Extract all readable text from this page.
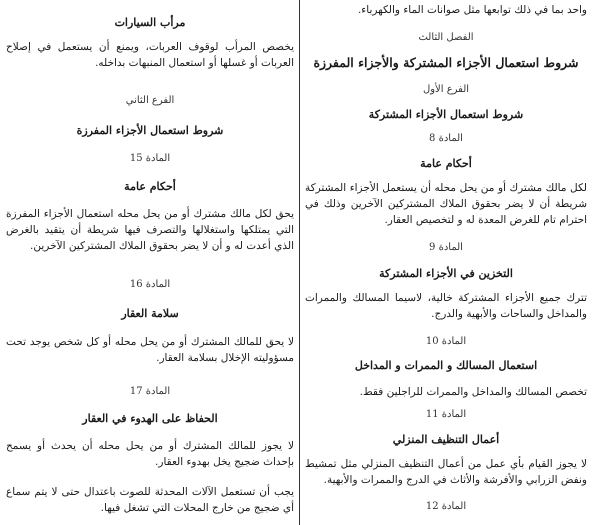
واحد بما في ذلك توابعها مثل صوانات الماء والكهرباء.
الفصل الثالث
شروط استعمال الأجزاء المشتركة والأجزاء المفرزة
الفرع الأول
شروط استعمال الأجزاء المشتركة
المادة 8
أحكام عامة
لكل مالك مشترك أو من يحل محله أن يستعمل الأجزاء المشتركة شريطة أن لا يضر بحقوق الملاك المشتركين الآخرين وذلك في احترام تام للغرض المعدة له و لتخصيص العقار.
المادة 9
التخزين في الأجزاء المشتركة
تترك جميع الأجزاء المشتركة خالية، لاسيما المسالك والممرات والمداخل والساحات والأبهية والدرج.
المادة 10
استعمال المسالك و الممرات و المداخل
تخصص المسالك والمداخل والممرات للراجلين فقط.
المادة 11
أعمال التنظيف المنزلي
لا يجوز القيام بأي عمل من أعمال التنظيف المنزلي مثل تمشيط ونفض الزرابي والأفرشة والأثاث في الدرج والممرات والأبهية.
المادة 12
مرأب السيارات
يخصص المرأب لوقوف العربات، ويمنع أن يستعمل في إصلاح العربات أو غسلها أو استعمال المنبهات بداخله.
الفرع الثاني
شروط استعمال الأجزاء المفرزة
المادة 15
أحكام عامة
يحق لكل مالك مشترك أو من يحل محله استعمال الأجزاء المفرزة التي يمتلكها واستغلالها والتصرف فيها شريطة أن يتقيد بالغرض الذي أعدت له و أن لا يضر بحقوق الملاك المشتركين الآخرين.
المادة 16
سلامة العقار
لا يحق للمالك المشترك أو من يحل محله أو كل شخص يوجد تحت مسؤوليته الإخلال بسلامة العقار.
المادة 17
الحفاظ على الهدوء في العقار
لا يجوز للمالك المشترك أو من يحل محله أن يحدث أو يسمح بإحداث ضجيج يخل بهدوء العقار.
يجب أن تستعمل الآلات المحدثة للصوت باعتدال حتى لا يتم سماع أي ضجيج من خارج المحلات التي تشغل فيها.
